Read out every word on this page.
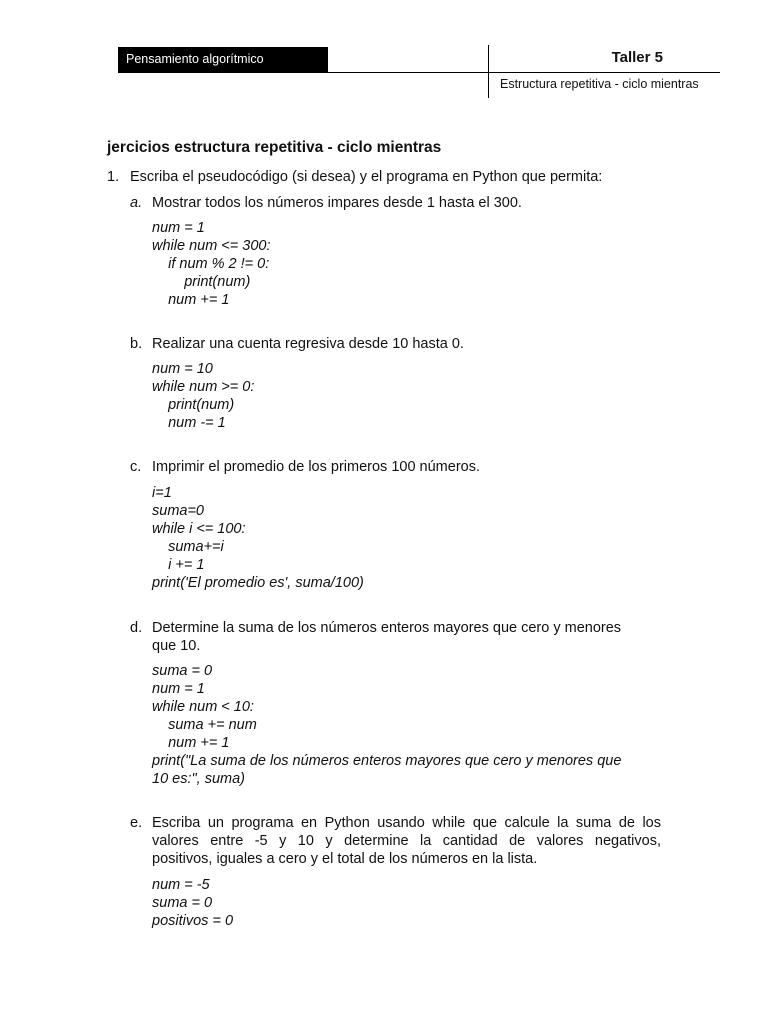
Pensamiento algorítmico	Taller 5
Estructura repetitiva - ciclo mientras
jercicios estructura repetitiva - ciclo mientras
1. Escriba el pseudocódigo (si desea) y el programa en Python que permita:
a. Mostrar todos los números impares desde 1 hasta el 300.
num = 1
while num <= 300:
if num % 2 != 0:
print(num)
num += 1
b. Realizar una cuenta regresiva desde 10 hasta 0.
num = 10
while num >= 0:
print(num)
num -= 1
c. Imprimir el promedio de los primeros 100 números.
i=1
suma=0
while i <= 100:
suma+=i
i += 1
print('El promedio es', suma/100)
d. Determine la suma de los números enteros mayores que cero y menores
que 10.
suma = 0
num = 1
while num < 10:
suma += num
num += 1
print("La suma de los números enteros mayores que cero y menores que
10 es:", suma)
e. Escriba un programa en Python usando while que calcule la suma de los
valores entre -5 y 10 y determine la cantidad de valores negativos,
positivos, iguales a cero y el total de los números en la lista.
num = -5
suma = 0
positivos = 0
